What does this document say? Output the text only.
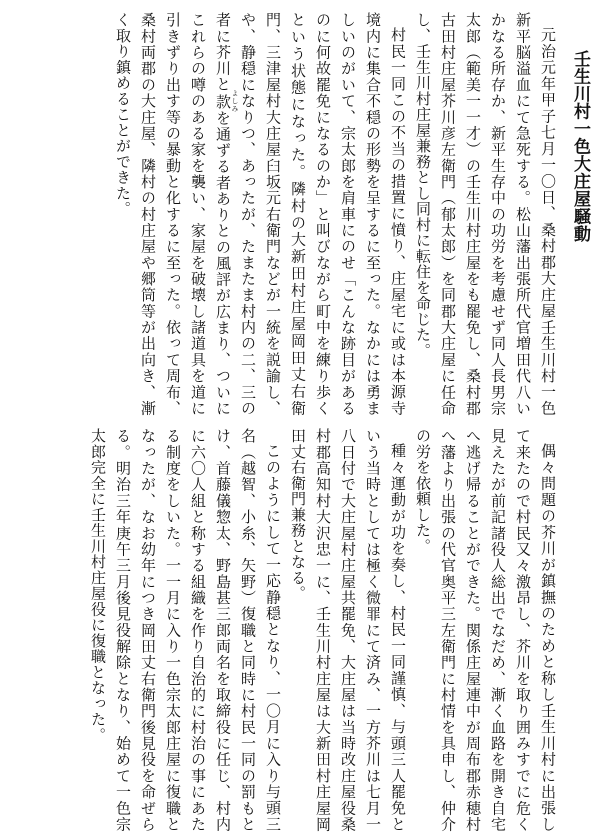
壬生川村一色大庄屋騒動

元治元年甲子七月一〇日、桑村郡大庄屋壬生川村一色新平脳溢血にて急死する。松山藩出張所代官増田代八いかなる所存か、新平生存中の功労を考慮せず同人長男宗太郎（範美一一才）の壬生川村庄屋をも罷免し、桑村郡古田村庄屋芥川彦左衛門（郁太郎）を同郡大庄屋に任命し、壬生川村庄屋兼務とし同村に転住を命じた。

村民一同この不当の措置に憤り、庄屋宅に或は本源寺境内に集合不穏の形勢を呈するに至った。なかには勇ましいのがいて、宗太郎を肩車にのせ「こんな跡目があるのに何故罷免になるのか」と叫びながら町中を練り歩くという状態になった。隣村の大新田村庄屋岡田丈右衛門、三津屋村大庄屋臼坂元右衛門などが一統を説諭し、や、静穏になりつ、あったが、たまたま村内の二、三の者に芥川と款 よしみを通ずる者ありとの風評が広まり、ついにこれらの噂のある家を襲い、家屋を破壊し諸道具を道に引きずり出す等の暴動と化するに至った。依って周布、桑村両郡の大庄屋、隣村の村庄屋や郷筒等が出向き、漸く取り鎮めることができた。

偶々問題の芥川が鎮撫のためと称し壬生川村に出張して来たので村民又々激昂し、芥川を取り囲みすでに危く見えたが前記諸役人総出でなだめ、漸く血路を開き自宅へ逃げ帰ることができた。関係庄屋連中が周布郡赤穂村へ藩より出張の代官奥平三左衛門に村情を具申し、仲介の労を依頼した。

種々運動が功を奏し、村民一同謹慎、与頭三人罷免という当時としては極く微罪にて済み、一方芥川は七月一八日付で大庄屋村庄屋共罷免、大庄屋は当時改庄屋役桑村郡高知村大沢忠一に、壬生川村庄屋は大新田村庄屋岡田丈右衛門兼務となる。

このようにして一応静穏となり、一〇月に入り与頭三名（越智、小糸、矢野）復職と同時に村民一同の罰もとけ、首藤儀惣太、野島甚三郎両名を取締役に任じ、村内に六〇人組と称する組織を作り自治的に村治の事にあたる制度をしいた。一一月に入り一色宗太郎庄屋に復職となったが、なお幼年につき岡田丈右衛門後見役を命ぜらる。明治三年庚午三月後見役解除となり、始めて一色宗太郎完全に壬生川村庄屋役に復職となった。
